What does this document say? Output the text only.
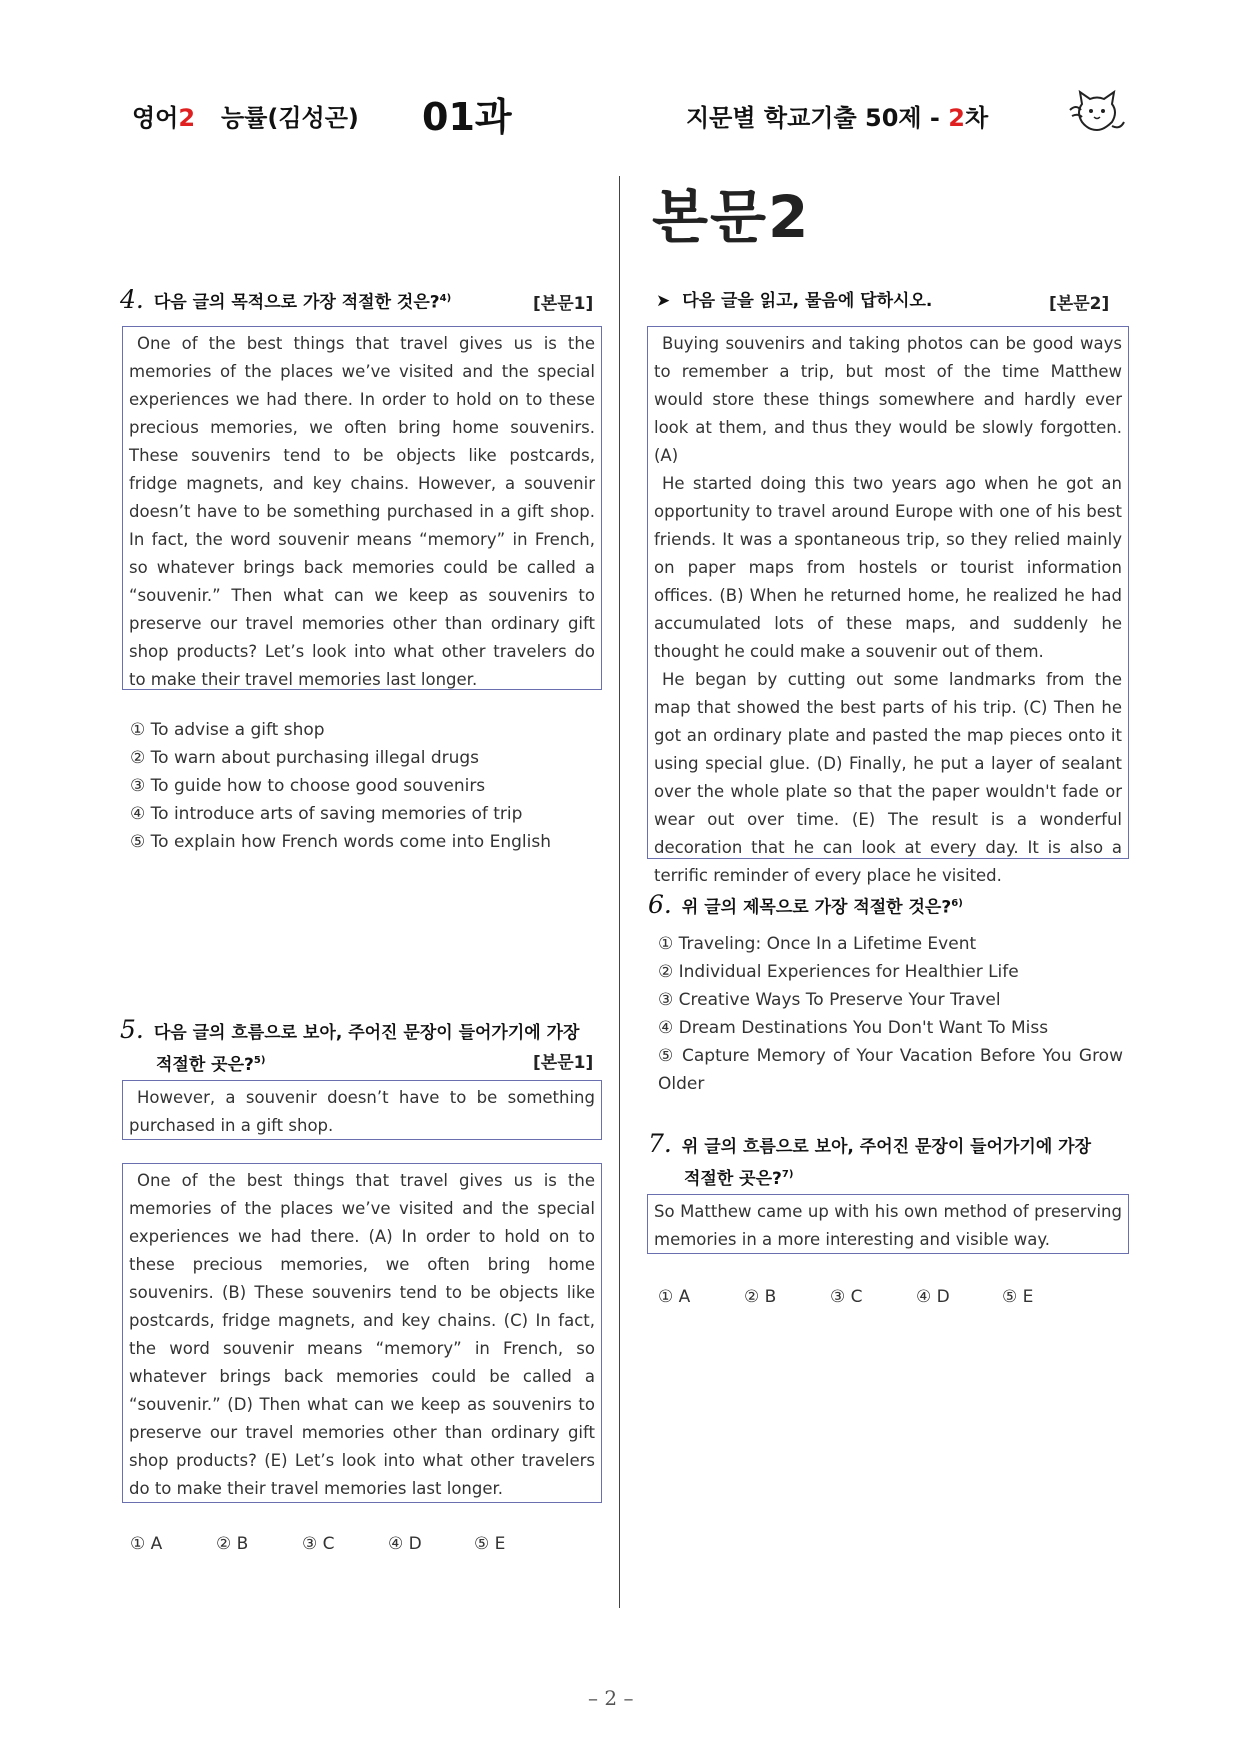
영어2 능률(김성곤) 01과	지문별 학교기출 50제 - 2차
본문2
4. 다음 글의 목적으로 가장 적절한 것은?$^{4)}$	[본문1]

One of the best things that travel gives us is the memories of the places we’ve visited and the special experiences we had there. In order to hold on to these precious memories, we often bring home souvenirs. These souvenirs tend to be objects like postcards, fridge magnets, and key chains. However, a souvenir doesn’t have to be something purchased in a gift shop. In fact, the word souvenir means “memory” in French, so whatever brings back memories could be called a “souvenir.” Then what can we keep as souvenirs to preserve our travel memories other than ordinary gift shop products? Let’s look into what other travelers do to make their travel memories last longer.

① To advise a gift shop
② To warn about purchasing illegal drugs
③ To guide how to choose good souvenirs
④ To introduce arts of saving memories of trip
⑤ To explain how French words come into English
5. 다음 글의 흐름으로 보아, 주어진 문장이 들어가기에 가장
적절한 곳은?$^{5)}$	[본문1]

However, a souvenir doesn’t have to be something purchased in a gift shop.

One of the best things that travel gives us is the memories of the places we’ve visited and the special experiences we had there. (A) In order to hold on to these precious memories, we often bring home souvenirs. (B) These souvenirs tend to be objects like postcards, fridge magnets, and key chains. (C) In fact, the word souvenir means “memory” in French, so whatever brings back memories could be called a “souvenir.” (D) Then what can we keep as souvenirs to preserve our travel memories other than ordinary gift shop products? (E) Let’s look into what other travelers do to make their travel memories last longer.

① A	② B	③ C	④ D	⑤ E
➤ 다음 글을 읽고, 물음에 답하시오.	[본문2]

Buying souvenirs and taking photos can be good ways to remember a trip, but most of the time Matthew would store these things somewhere and hardly ever look at them, and thus they would be slowly forgotten. (A)

He started doing this two years ago when he got an opportunity to travel around Europe with one of his best friends. It was a spontaneous trip, so they relied mainly on paper maps from hostels or tourist information offices. (B) When he returned home, he realized he had accumulated lots of these maps, and suddenly he thought he could make a souvenir out of them.

He began by cutting out some landmarks from the map that showed the best parts of his trip. (C) Then he got an ordinary plate and pasted the map pieces onto it using special glue. (D) Finally, he put a layer of sealant over the whole plate so that the paper wouldn't fade or wear out over time. (E) The result is a wonderful decoration that he can look at every day. It is also a terrific reminder of every place he visited.

6. 위 글의 제목으로 가장 적절한 것은?$^{6)}$
① Traveling: Once In a Lifetime Event
② Individual Experiences for Healthier Life
③ Creative Ways To Preserve Your Travel
④ Dream Destinations You Don't Want To Miss
⑤ Capture Memory of Your Vacation Before You Grow Older
7. 위 글의 흐름으로 보아, 주어진 문장이 들어가기에 가장
적절한 곳은?$^{7)}$

So Matthew came up with his own method of preserving memories in a more interesting and visible way.

① A	② B	③ C	④ D	⑤ E
– 2 –
